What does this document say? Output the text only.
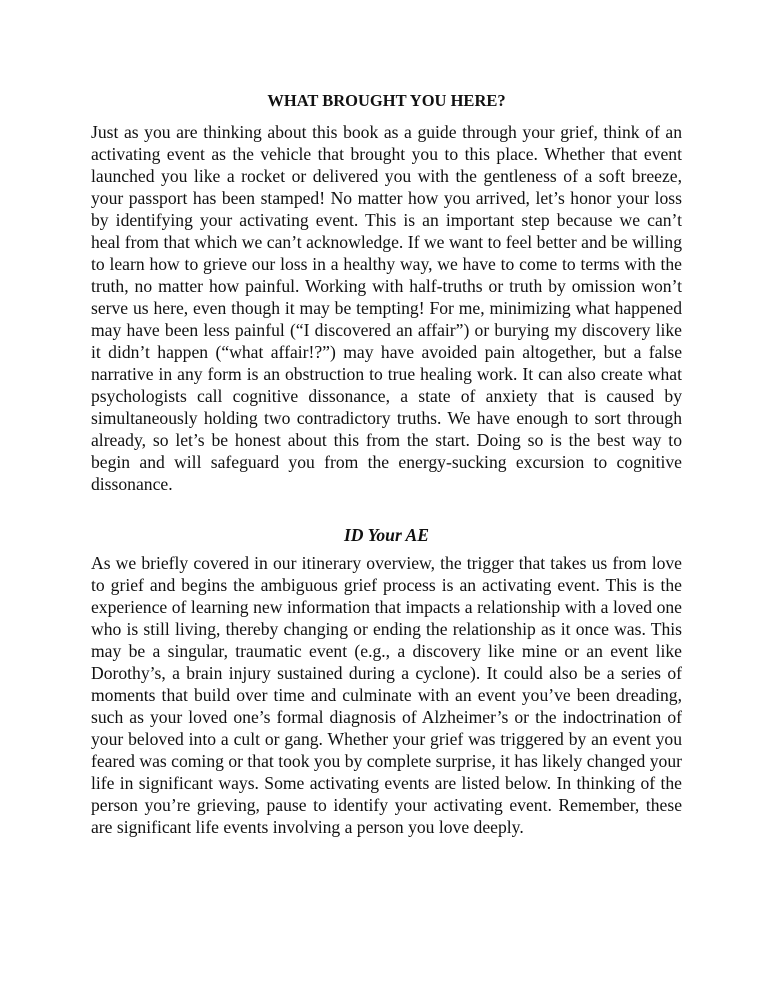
WHAT BROUGHT YOU HERE?

Just as you are thinking about this book as a guide through your grief, think of an activating event as the vehicle that brought you to this place. Whether that event launched you like a rocket or delivered you with the gentleness of a soft breeze, your passport has been stamped! No matter how you arrived, let’s honor your loss by identifying your activating event. This is an important step because we can’t heal from that which we can’t acknowledge. If we want to feel better and be willing to learn how to grieve our loss in a healthy way, we have to come to terms with the truth, no matter how painful. Working with half-truths or truth by omission won’t serve us here, even though it may be tempting! For me, minimizing what happened may have been less painful (“I discovered an affair”) or burying my discovery like it didn’t happen (“what affair!?”) may have avoided pain altogether, but a false narrative in any form is an obstruction to true healing work. It can also create what psychologists call cognitive dissonance, a state of anxiety that is caused by simultaneously holding two contradictory truths. We have enough to sort through already, so let’s be honest about this from the start. Doing so is the best way to begin and will safeguard you from the energy-sucking excursion to cognitive dissonance.

ID Your AE

As we briefly covered in our itinerary overview, the trigger that takes us from love to grief and begins the ambiguous grief process is an activating event. This is the experience of learning new information that impacts a relationship with a loved one who is still living, thereby changing or ending the relationship as it once was. This may be a singular, traumatic event (e.g., a discovery like mine or an event like Dorothy’s, a brain injury sustained during a cyclone). It could also be a series of moments that build over time and culminate with an event you’ve been dreading, such as your loved one’s formal diagnosis of Alzheimer’s or the indoctrination of your beloved into a cult or gang. Whether your grief was triggered by an event you feared was coming or that took you by complete surprise, it has likely changed your life in significant ways. Some activating events are listed below. In thinking of the person you’re grieving, pause to identify your activating event. Remember, these are significant life events involving a person you love deeply.
